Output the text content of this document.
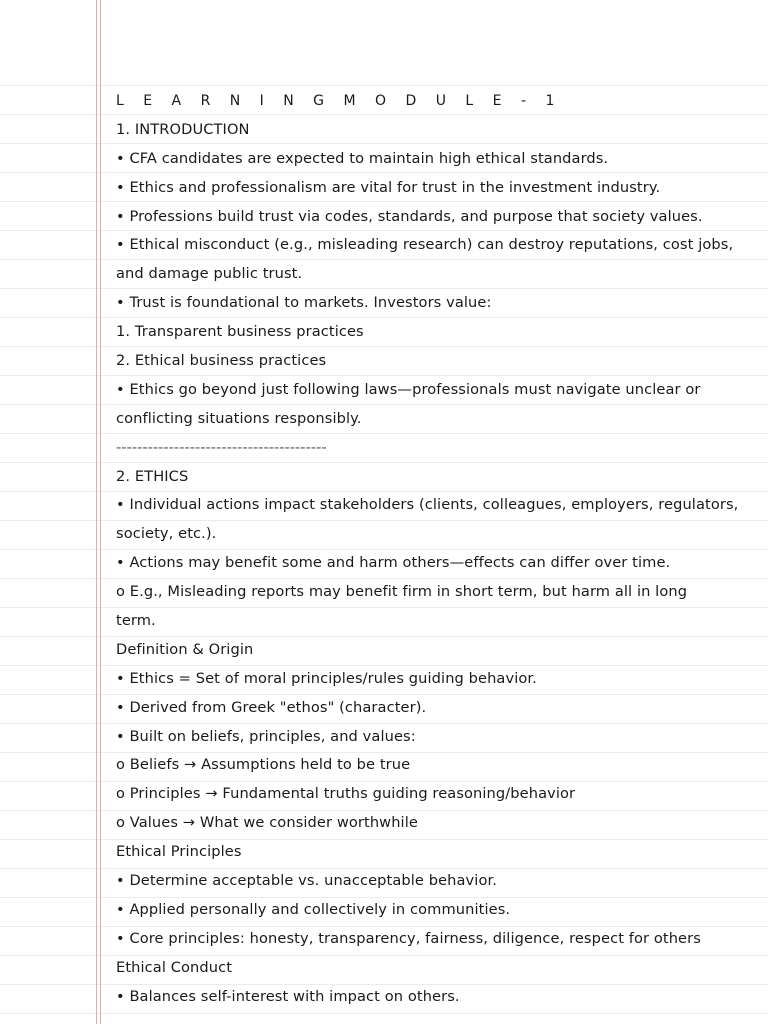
L E A R N I N G M O D U L E - 1
1. INTRODUCTION
• CFA candidates are expected to maintain high ethical standards.
• Ethics and professionalism are vital for trust in the investment industry.
• Professions build trust via codes, standards, and purpose that society values.
• Ethical misconduct (e.g., misleading research) can destroy reputations, cost jobs,
and damage public trust.
• Trust is foundational to markets. Investors value:
1. Transparent business practices
2. Ethical business practices
• Ethics go beyond just following laws—professionals must navigate unclear or
conflicting situations responsibly.
----------------------------------------
2. ETHICS
• Individual actions impact stakeholders (clients, colleagues, employers, regulators,
society, etc.).
• Actions may benefit some and harm others—effects can differ over time.
o E.g., Misleading reports may benefit firm in short term, but harm all in long
term.
Definition & Origin
• Ethics = Set of moral principles/rules guiding behavior.
• Derived from Greek "ethos" (character).
• Built on beliefs, principles, and values:
o Beliefs → Assumptions held to be true
o Principles → Fundamental truths guiding reasoning/behavior
o Values → What we consider worthwhile
Ethical Principles
• Determine acceptable vs. unacceptable behavior.
• Applied personally and collectively in communities.
• Core principles: honesty, transparency, fairness, diligence, respect for others
Ethical Conduct
• Balances self-interest with impact on others.
